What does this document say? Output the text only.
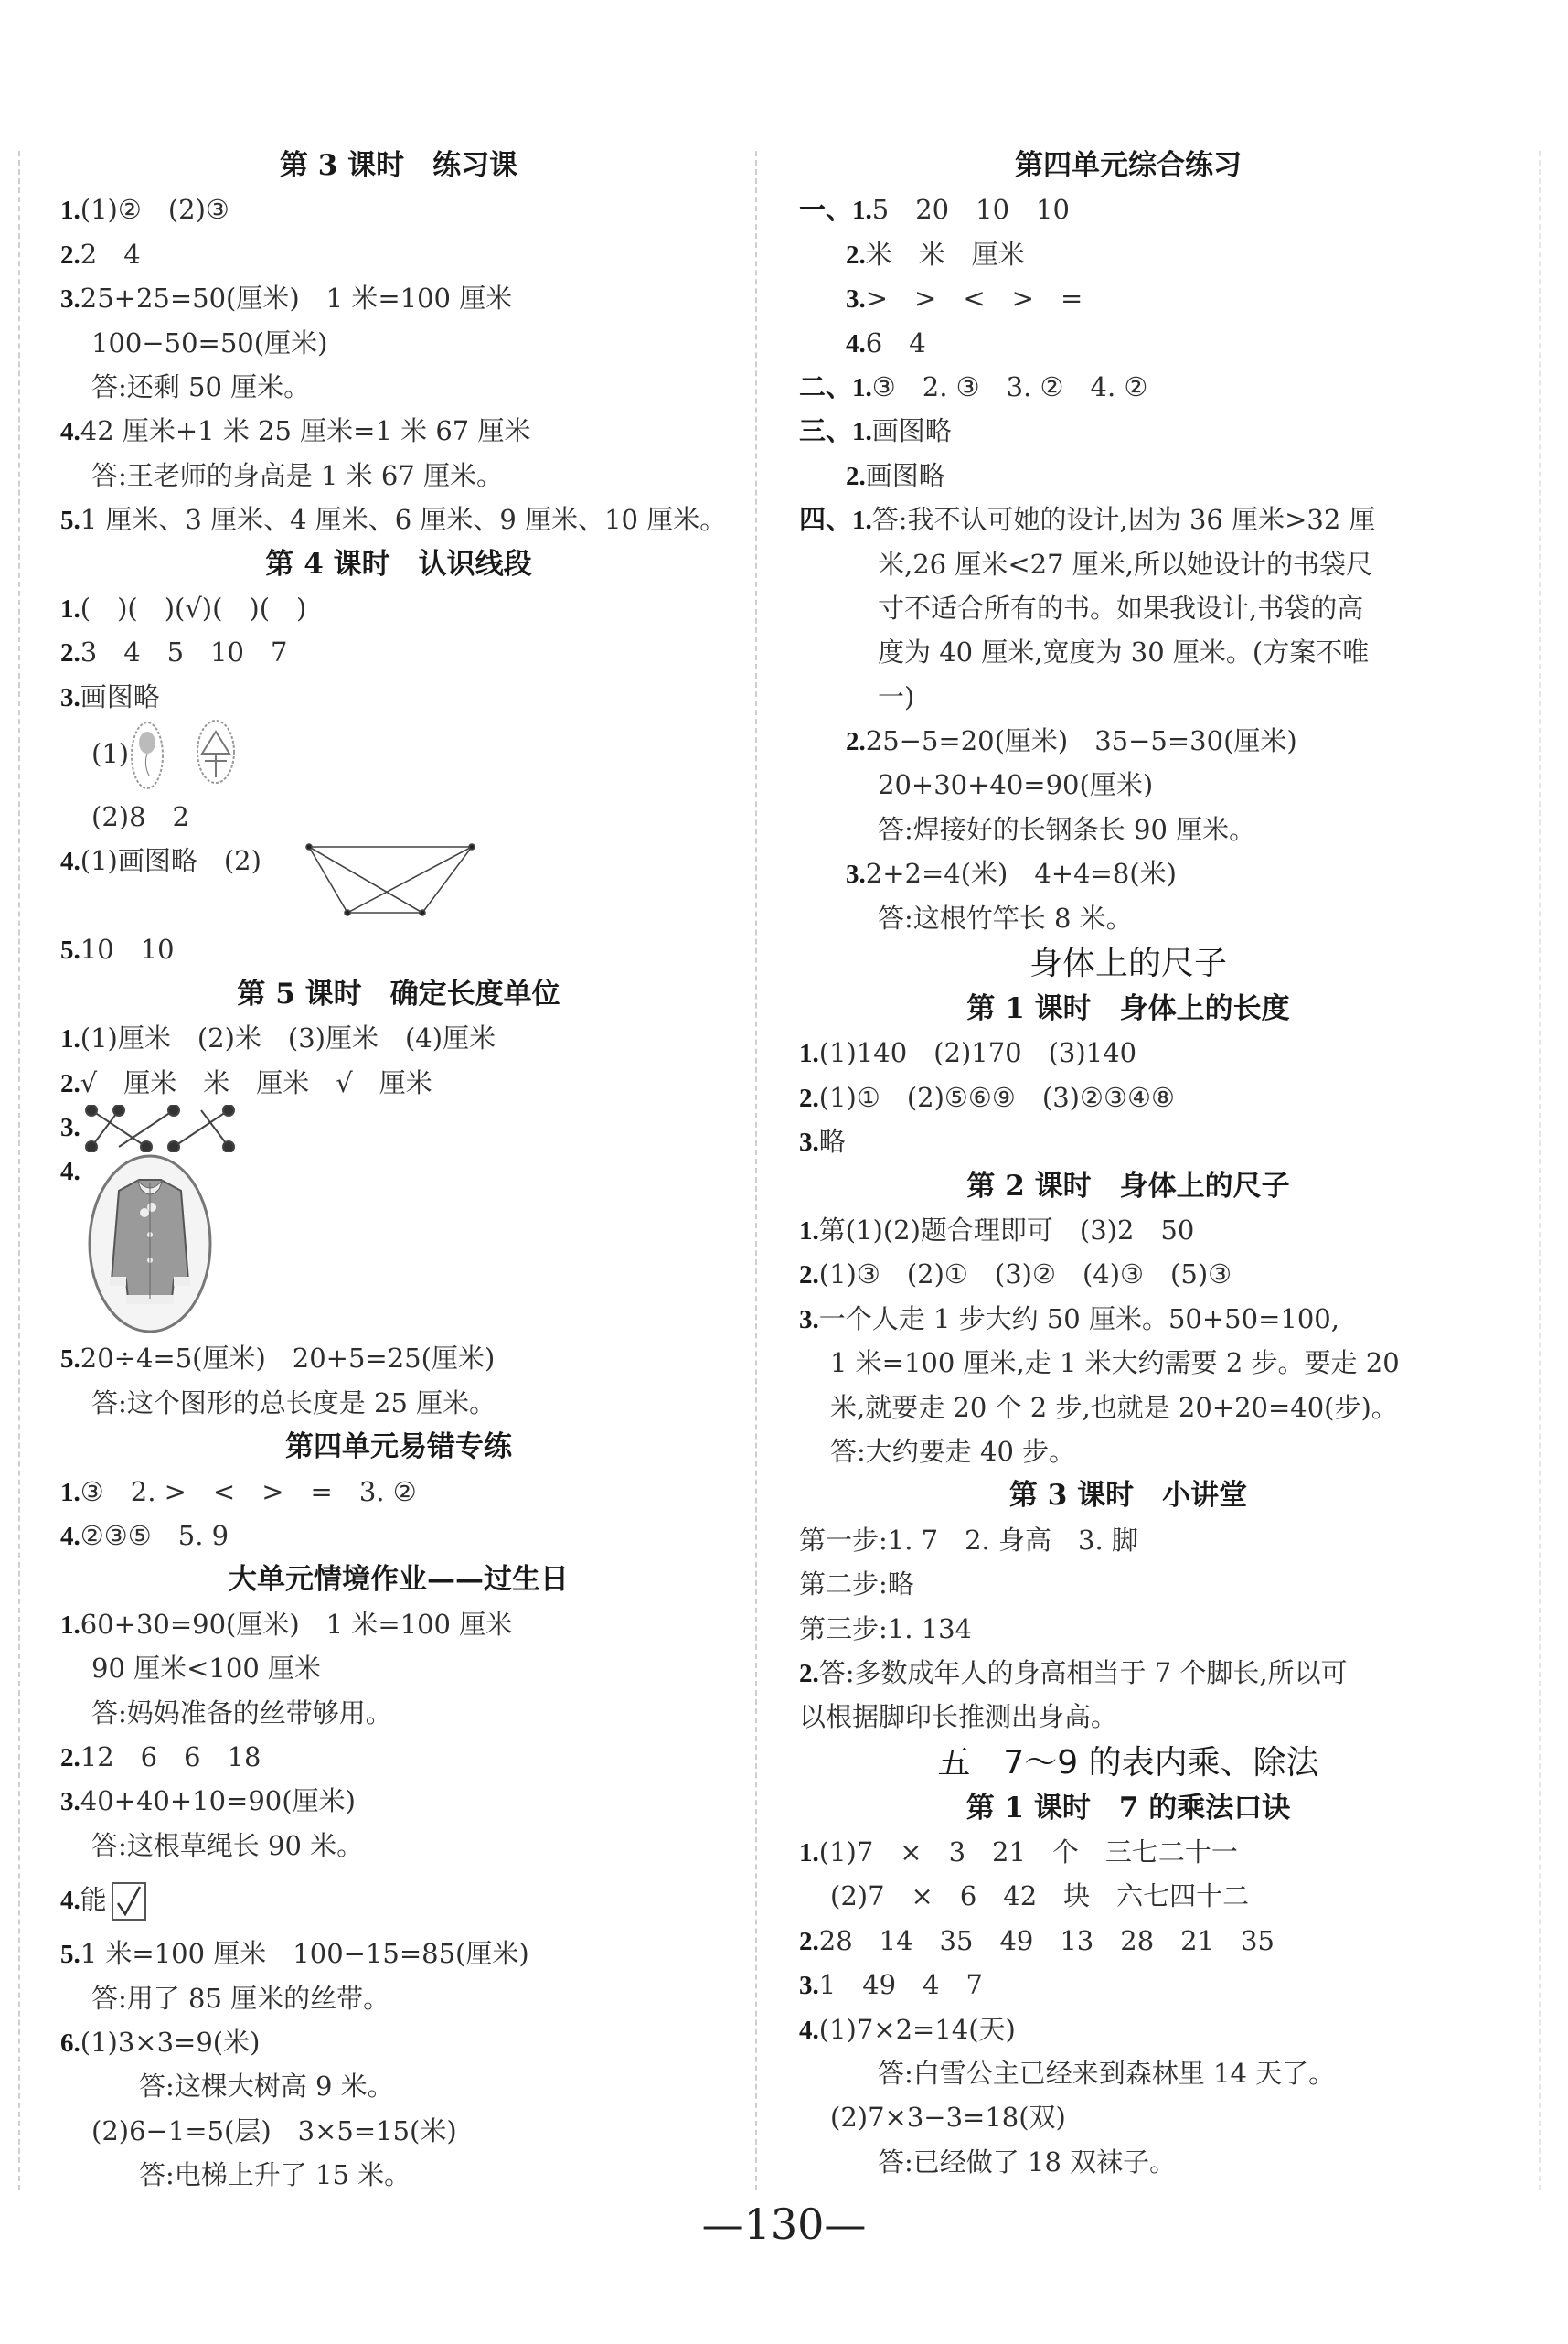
第 3 课时　练习课
1.(1)②　(2)③
2.2　4
3.25+25=50(厘米)　1 米=100 厘米
100−50=50(厘米)
答:还剩 50 厘米。
4.42 厘米+1 米 25 厘米=1 米 67 厘米
答:王老师的身高是 1 米 67 厘米。
5.1 厘米、3 厘米、4 厘米、6 厘米、9 厘米、10 厘米。
第 4 课时　认识线段
1.(　)(　)(√)(　)(　)
2.3　4　5　10　7
3.画图略
(1)
(2)8　2
4.(1)画图略　(2)
5.10　10
第 5 课时　确定长度单位
1.(1)厘米　(2)米　(3)厘米　(4)厘米
2.√　厘米　米　厘米　√　厘米
3.
4.
5.20÷4=5(厘米)　20+5=25(厘米)
答:这个图形的总长度是 25 厘米。
第四单元易错专练
1.③　2. >　<　>　=　3. ②
4.②③⑤　5. 9
大单元情境作业——过生日
1.60+30=90(厘米)　1 米=100 厘米
90 厘米<100 厘米
答:妈妈准备的丝带够用。
2.12　6　6　18
3.40+40+10=90(厘米)
答:这根草绳长 90 米。
4.能
5.1 米=100 厘米　100−15=85(厘米)
答:用了 85 厘米的丝带。
6.(1)3×3=9(米)
答:这棵大树高 9 米。
(2)6−1=5(层)　3×5=15(米)
答:电梯上升了 15 米。
第四单元综合练习
一、1.5　20　10　10
2.米　米　厘米
3.>　>　<　>　=
4.6　4
二、1.③　2. ③　3. ②　4. ②
三、1.画图略
2.画图略
四、1.答:我不认可她的设计,因为 36 厘米>32 厘
米,26 厘米<27 厘米,所以她设计的书袋尺
寸不适合所有的书。如果我设计,书袋的高
度为 40 厘米,宽度为 30 厘米。(方案不唯
一)
2.25−5=20(厘米)　35−5=30(厘米)
20+30+40=90(厘米)
答:焊接好的长钢条长 90 厘米。
3.2+2=4(米)　4+4=8(米)
答:这根竹竿长 8 米。
身体上的尺子
第 1 课时　身体上的长度
1.(1)140　(2)170　(3)140
2.(1)①　(2)⑤⑥⑨　(3)②③④⑧
3.略
第 2 课时　身体上的尺子
1.第(1)(2)题合理即可　(3)2　50
2.(1)③　(2)①　(3)②　(4)③　(5)③
3.一个人走 1 步大约 50 厘米。50+50=100,
1 米=100 厘米,走 1 米大约需要 2 步。要走 20
米,就要走 20 个 2 步,也就是 20+20=40(步)。
答:大约要走 40 步。
第 3 课时　小讲堂
第一步:1. 7　2. 身高　3. 脚
第二步:略
第三步:1. 134
2.答:多数成年人的身高相当于 7 个脚长,所以可
以根据脚印长推测出身高。
五　7～9 的表内乘、除法
第 1 课时　7 的乘法口诀
1.(1)7　×　3　21　个　三七二十一
(2)7　×　6　42　块　六七四十二
2.28　14　35　49　13　28　21　35
3.1　49　4　7
4.(1)7×2=14(天)
答:白雪公主已经来到森林里 14 天了。
(2)7×3−3=18(双)
答:已经做了 18 双袜子。
—130—
